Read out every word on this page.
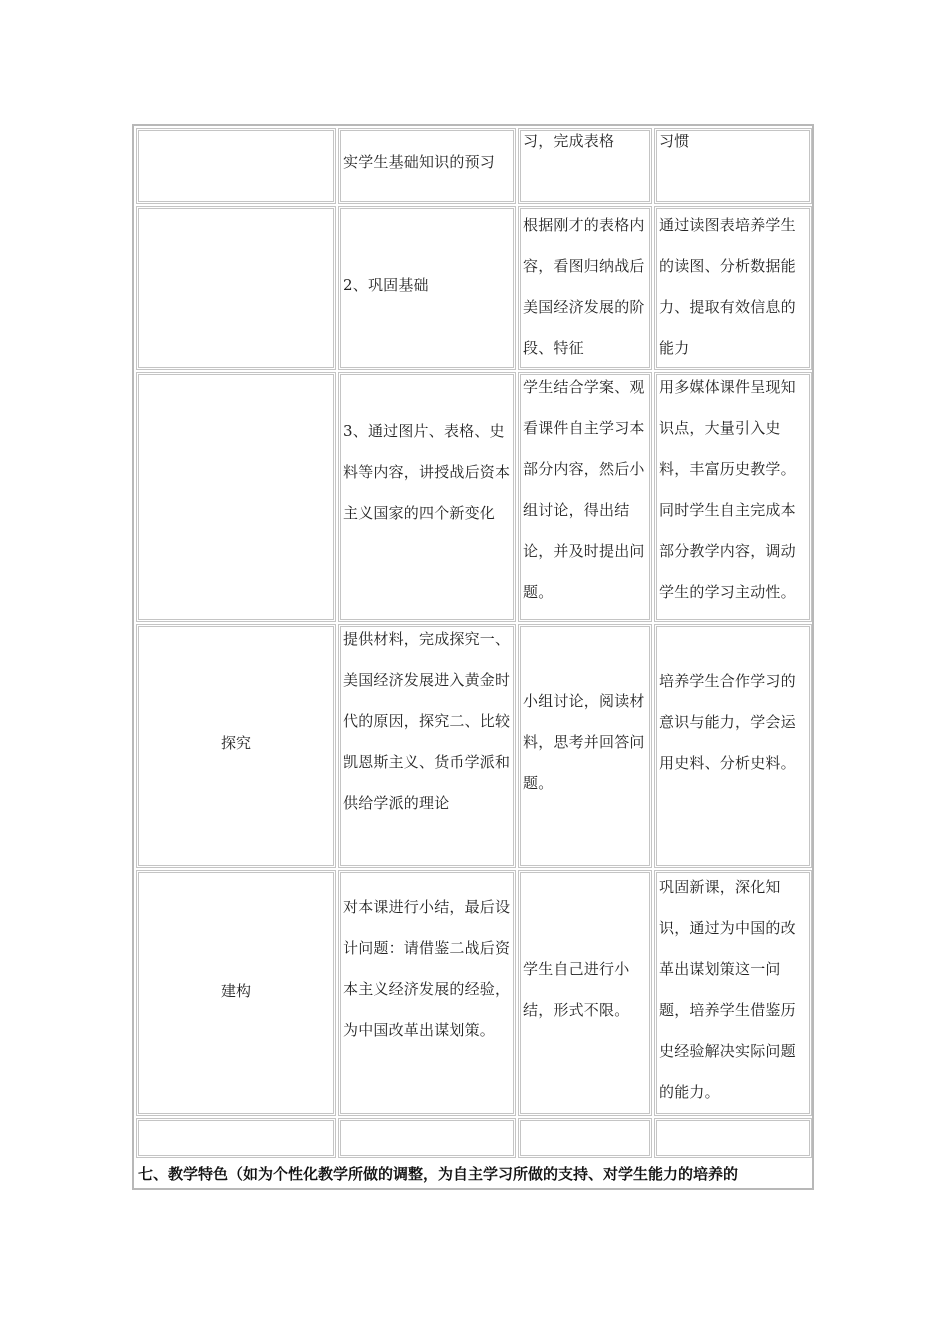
实学生基础知识的预习
习，完成表格	习惯
2、巩固基础
根据刚才的表格内容，看图归纳战后美国经济发展的阶段、特征
通过读图表培养学生的读图、分析数据能力、提取有效信息的能力
3、通过图片、表格、史料等内容，讲授战后资本主义国家的四个新变化
学生结合学案、观看课件自主学习本部分内容，然后小组讨论，得出结论，并及时提出问题。
用多媒体课件呈现知识点，大量引入史料，丰富历史教学。同时学生自主完成本部分教学内容，调动学生的学习主动性。
探究
提供材料，完成探究一、美国经济发展进入黄金时代的原因，探究二、比较凯恩斯主义、货币学派和供给学派的理论
小组讨论，阅读材料，思考并回答问题。
培养学生合作学习的意识与能力，学会运用史料、分析史料。
建构
对本课进行小结，最后设计问题：请借鉴二战后资本主义经济发展的经验，为中国改革出谋划策。
学生自己进行小结，形式不限。
巩固新课，深化知识，通过为中国的改革出谋划策这一问题，培养学生借鉴历史经验解决实际问题的能力。
七、教学特色（如为个性化教学所做的调整，为自主学习所做的支持、对学生能力的培养的
